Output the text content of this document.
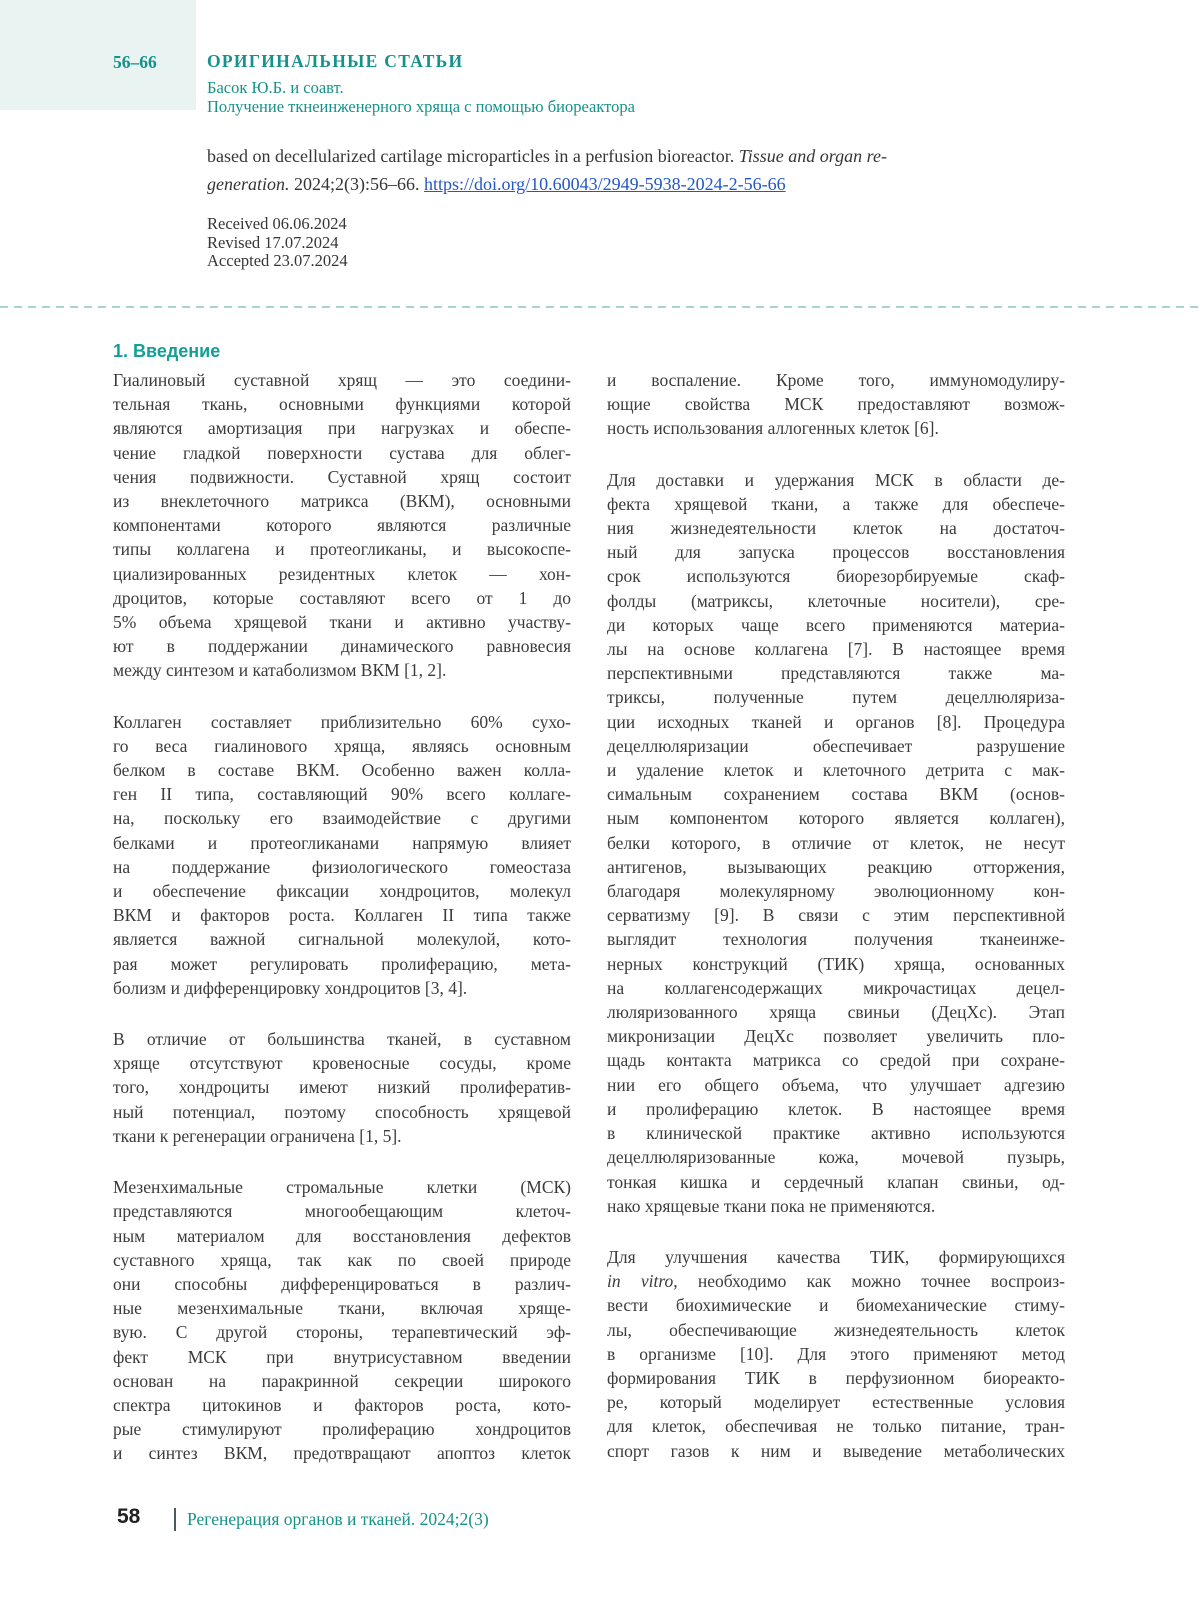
56–66	ОРИГИНАЛЬНЫЕ СТАТЬИ
Басок Ю.Б. и соавт.
Получение ткнеинженерного хряща с помощью биореактора
based on decellularized cartilage microparticles in a perfusion bioreactor. Tissue and organ re-
generation. 2024;2(3):56–66. https://doi.org/10.60043/2949-5938-2024-2-56-66
Received 06.06.2024
Revised 17.07.2024
Accepted 23.07.2024
1. Введение
Гиалиновый суставной хрящ — это соедини-
тельная ткань, основными функциями которой
являются амортизация при нагрузках и обеспе-
чение гладкой поверхности сустава для облег-
чения подвижности. Суставной хрящ состоит
из внеклеточного матрикса (ВКМ), основными
компонентами которого являются различные
типы коллагена и протеогликаны, и высокоспе-
циализированных резидентных клеток — хон-
дроцитов, которые составляют всего от 1 до
5% объема хрящевой ткани и активно участву-
ют в поддержании динамического равновесия
между синтезом и катаболизмом ВКМ [1, 2].
Коллаген составляет приблизительно 60% сухо-
го веса гиалинового хряща, являясь основным
белком в составе ВКМ. Особенно важен колла-
ген II типа, составляющий 90% всего коллаге-
на, поскольку его взаимодействие с другими
белками и протеогликанами напрямую влияет
на поддержание физиологического гомеостаза
и обеспечение фиксации хондроцитов, молекул
ВКМ и факторов роста. Коллаген II типа также
является важной сигнальной молекулой, кото-
рая может регулировать пролиферацию, мета-
болизм и дифференцировку хондроцитов [3, 4].
В отличие от большинства тканей, в суставном
хряще отсутствуют кровеносные сосуды, кроме
того, хондроциты имеют низкий пролифератив-
ный потенциал, поэтому способность хрящевой
ткани к регенерации ограничена [1, 5].
Мезенхимальные стромальные клетки (МСК)
представляются многообещающим клеточ-
ным материалом для восстановления дефектов
суставного хряща, так как по своей природе
они способны дифференцироваться в различ-
ные мезенхимальные ткани, включая хряще-
вую. С другой стороны, терапевтический эф-
фект МСК при внутрисуставном введении
основан на паракринной секреции широкого
спектра цитокинов и факторов роста, кото-
рые стимулируют пролиферацию хондроцитов
и синтез ВКМ, предотвращают апоптоз клеток
и воспаление. Кроме того, иммуномодулиру-
ющие свойства МСК предоставляют возмож-
ность использования аллогенных клеток [6].
Для доставки и удержания МСК в области де-
фекта хрящевой ткани, а также для обеспече-
ния жизнедеятельности клеток на достаточ-
ный для запуска процессов восстановления
срок используются биорезорбируемые скаф-
фолды (матриксы, клеточные носители), сре-
ди которых чаще всего применяются материа-
лы на основе коллагена [7]. В настоящее время
перспективными представляются также ма-
триксы, полученные путем децеллюляриза-
ции исходных тканей и органов [8]. Процедура
децеллюляризации обеспечивает разрушение
и удаление клеток и клеточного детрита с мак-
симальным сохранением состава ВКМ (основ-
ным компонентом которого является коллаген),
белки которого, в отличие от клеток, не несут
антигенов, вызывающих реакцию отторжения,
благодаря молекулярному эволюционному кон-
серватизму [9]. В связи с этим перспективной
выглядит технология получения тканеинже-
нерных конструкций (ТИК) хряща, основанных
на коллагенсодержащих микрочастицах децел-
люляризованного хряща свиньи (ДецХс). Этап
микронизации ДецХс позволяет увеличить пло-
щадь контакта матрикса со средой при сохране-
нии его общего объема, что улучшает адгезию
и пролиферацию клеток. В настоящее время
в клинической практике активно используются
децеллюляризованные кожа, мочевой пузырь,
тонкая кишка и сердечный клапан свиньи, од-
нако хрящевые ткани пока не применяются.
Для улучшения качества ТИК, формирующихся
in vitro, необходимо как можно точнее воспроиз-
вести биохимические и биомеханические стиму-
лы, обеспечивающие жизнедеятельность клеток
в организме [10]. Для этого применяют метод
формирования ТИК в перфузионном биореакто-
ре, который моделирует естественные условия
для клеток, обеспечивая не только питание, тран-
спорт газов к ним и выведение метаболических
58	Регенерация органов и тканей. 2024;2(3)
